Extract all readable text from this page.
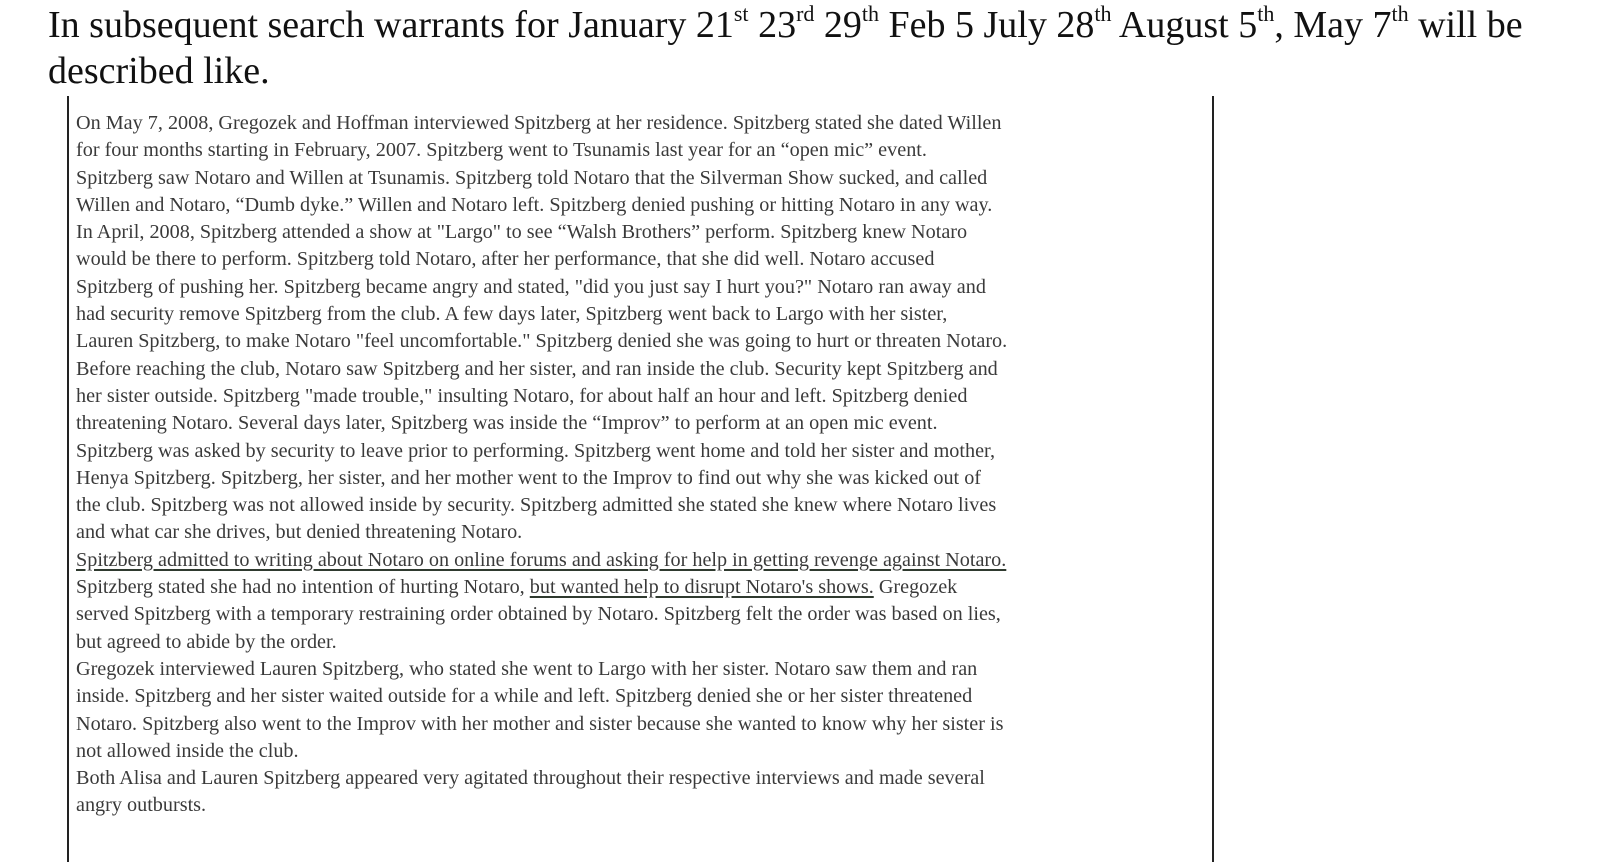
In subsequent search warrants for January 21st 23rd 29th Feb 5 July 28th August 5th, May 7th will be described like.
On May 7, 2008, Gregozek and Hoffman interviewed Spitzberg at her residence. Spitzberg stated she dated Willen
for four months starting in February, 2007. Spitzberg went to Tsunamis last year for an “open mic” event.
Spitzberg saw Notaro and Willen at Tsunamis. Spitzberg told Notaro that the Silverman Show sucked, and called
Willen and Notaro, “Dumb dyke.” Willen and Notaro left. Spitzberg denied pushing or hitting Notaro in any way.
In April, 2008, Spitzberg attended a show at "Largo" to see “Walsh Brothers” perform. Spitzberg knew Notaro
would be there to perform. Spitzberg told Notaro, after her performance, that she did well. Notaro accused
Spitzberg of pushing her. Spitzberg became angry and stated, "did you just say I hurt you?" Notaro ran away and
had security remove Spitzberg from the club. A few days later, Spitzberg went back to Largo with her sister,
Lauren Spitzberg, to make Notaro "feel uncomfortable." Spitzberg denied she was going to hurt or threaten Notaro.
Before reaching the club, Notaro saw Spitzberg and her sister, and ran inside the club. Security kept Spitzberg and
her sister outside. Spitzberg "made trouble," insulting Notaro, for about half an hour and left. Spitzberg denied
threatening Notaro. Several days later, Spitzberg was inside the “Improv” to perform at an open mic event.
Spitzberg was asked by security to leave prior to performing. Spitzberg went home and told her sister and mother,
Henya Spitzberg. Spitzberg, her sister, and her mother went to the Improv to find out why she was kicked out of
the club. Spitzberg was not allowed inside by security. Spitzberg admitted she stated she knew where Notaro lives
and what car she drives, but denied threatening Notaro.
Spitzberg admitted to writing about Notaro on online forums and asking for help in getting revenge against Notaro.
Spitzberg stated she had no intention of hurting Notaro, but wanted help to disrupt Notaro's shows. Gregozek
served Spitzberg with a temporary restraining order obtained by Notaro. Spitzberg felt the order was based on lies,
but agreed to abide by the order.
Gregozek interviewed Lauren Spitzberg, who stated she went to Largo with her sister. Notaro saw them and ran
inside. Spitzberg and her sister waited outside for a while and left. Spitzberg denied she or her sister threatened
Notaro. Spitzberg also went to the Improv with her mother and sister because she wanted to know why her sister is
not allowed inside the club.
Both Alisa and Lauren Spitzberg appeared very agitated throughout their respective interviews and made several
angry outbursts.
